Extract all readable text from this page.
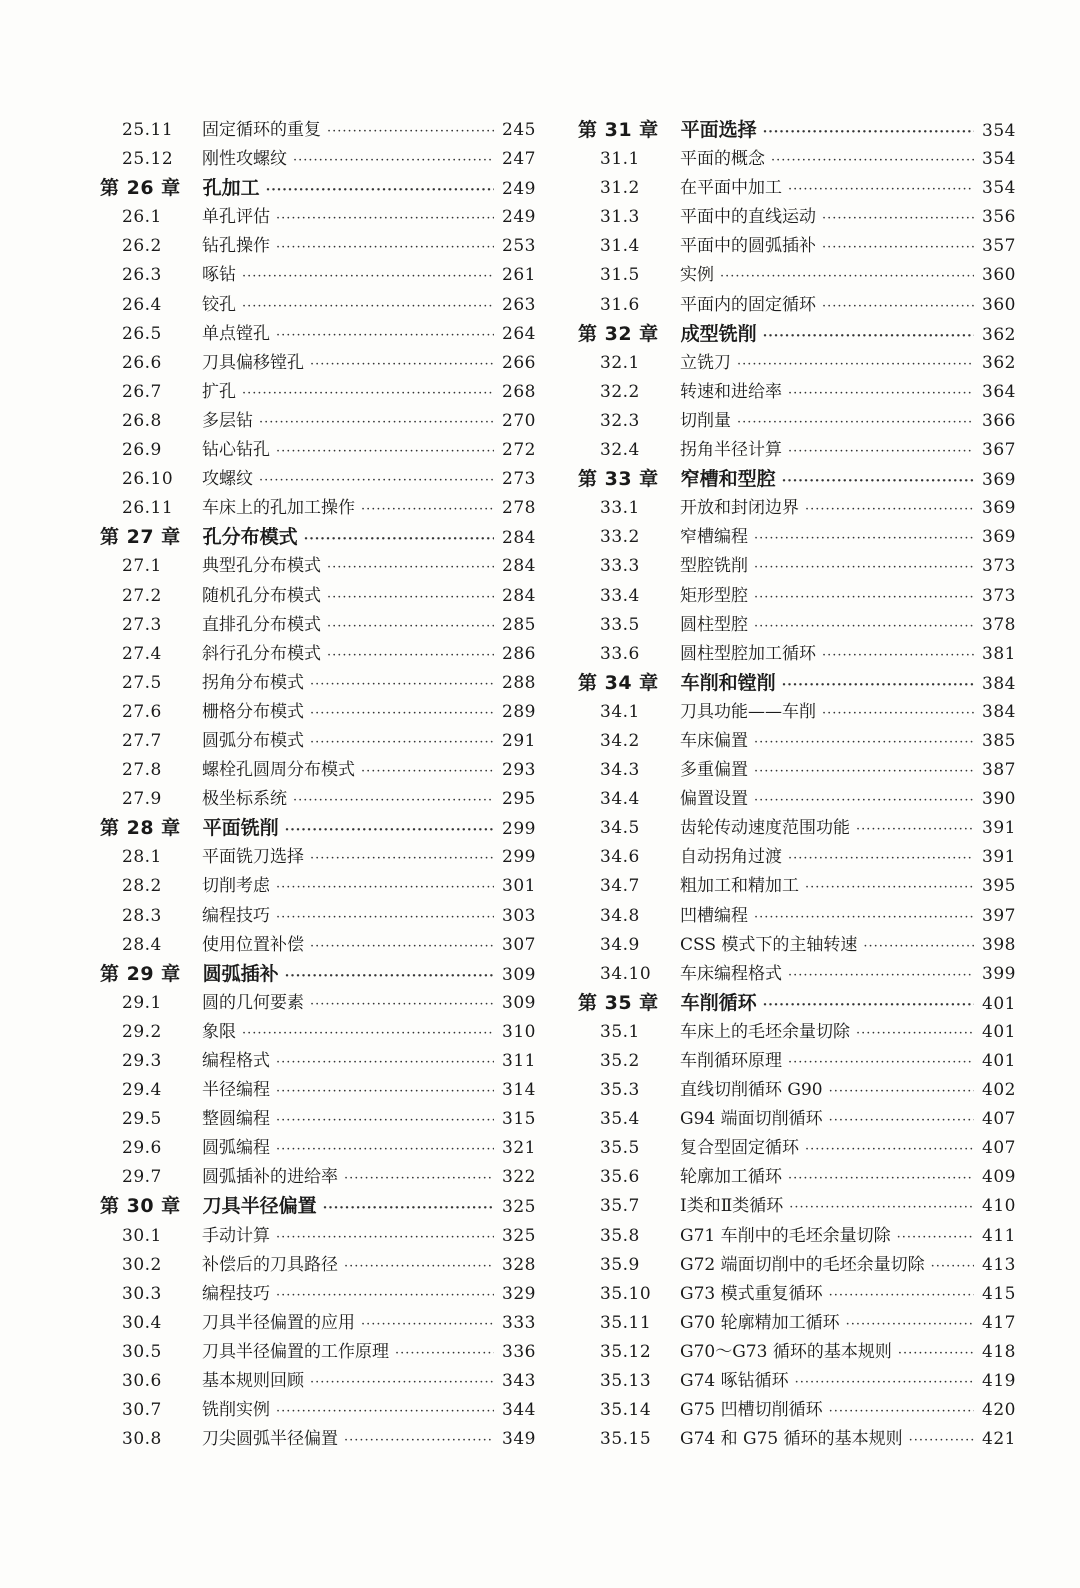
25.11	固定循环的重复 ·····	245
25.12	刚性攻螺纹 ·····	247
第 26 章	孔加工 ·····	249
26.1	单孔评估 ·····	249
26.2	钻孔操作 ·····	253
26.3	啄钻 ·····	261
26.4	铰孔 ·····	263
26.5	单点镗孔 ·····	264
26.6	刀具偏移镗孔 ·····	266
26.7	扩孔 ·····	268
26.8	多层钻 ·····	270
26.9	钻心钻孔 ·····	272
26.10	攻螺纹 ·····	273
26.11	车床上的孔加工操作 ·····	278
第 27 章	孔分布模式 ·····	284
27.1	典型孔分布模式 ·····	284
27.2	随机孔分布模式 ·····	284
27.3	直排孔分布模式 ·····	285
27.4	斜行孔分布模式 ·····	286
27.5	拐角分布模式 ·····	288
27.6	栅格分布模式 ·····	289
27.7	圆弧分布模式 ·····	291
27.8	螺栓孔圆周分布模式 ·····	293
27.9	极坐标系统 ·····	295
第 28 章	平面铣削 ·····	299
28.1	平面铣刀选择 ·····	299
28.2	切削考虑 ·····	301
28.3	编程技巧 ·····	303
28.4	使用位置补偿 ·····	307
第 29 章	圆弧插补 ·····	309
29.1	圆的几何要素 ·····	309
29.2	象限 ·····	310
29.3	编程格式 ·····	311
29.4	半径编程 ·····	314
29.5	整圆编程 ·····	315
29.6	圆弧编程 ·····	321
29.7	圆弧插补的进给率 ·····	322
第 30 章	刀具半径偏置 ·····	325
30.1	手动计算 ·····	325
30.2	补偿后的刀具路径 ·····	328
30.3	编程技巧 ·····	329
30.4	刀具半径偏置的应用 ·····	333
30.5	刀具半径偏置的工作原理 ·····	336
30.6	基本规则回顾 ·····	343
30.7	铣削实例 ·····	344
30.8	刀尖圆弧半径偏置 ·····	349
第 31 章	平面选择 ·····	354
31.1	平面的概念 ·····	354
31.2	在平面中加工 ·····	354
31.3	平面中的直线运动 ·····	356
31.4	平面中的圆弧插补 ·····	357
31.5	实例 ·····	360
31.6	平面内的固定循环 ·····	360
第 32 章	成型铣削 ·····	362
32.1	立铣刀 ·····	362
32.2	转速和进给率 ·····	364
32.3	切削量 ·····	366
32.4	拐角半径计算 ·····	367
第 33 章	窄槽和型腔 ·····	369
33.1	开放和封闭边界 ·····	369
33.2	窄槽编程 ·····	369
33.3	型腔铣削 ·····	373
33.4	矩形型腔 ·····	373
33.5	圆柱型腔 ·····	378
33.6	圆柱型腔加工循环 ·····	381
第 34 章	车削和镗削 ·····	384
34.1	刀具功能——车削 ·····	384
34.2	车床偏置 ·····	385
34.3	多重偏置 ·····	387
34.4	偏置设置 ·····	390
34.5	齿轮传动速度范围功能 ·····	391
34.6	自动拐角过渡 ·····	391
34.7	粗加工和精加工 ·····	395
34.8	凹槽编程 ·····	397
34.9	CSS 模式下的主轴转速 ·····	398
34.10	车床编程格式 ·····	399
第 35 章	车削循环 ·····	401
35.1	车床上的毛坯余量切除 ·····	401
35.2	车削循环原理 ·····	401
35.3	直线切削循环 G90 ·····	402
35.4	G94 端面切削循环 ·····	407
35.5	复合型固定循环 ·····	407
35.6	轮廓加工循环 ·····	409
35.7	Ⅰ类和Ⅱ类循环 ·····	410
35.8	G71 车削中的毛坯余量切除 ·····	411
35.9	G72 端面切削中的毛坯余量切除 ·····	413
35.10	G73 模式重复循环 ·····	415
35.11	G70 轮廓精加工循环 ·····	417
35.12	G70～G73 循环的基本规则 ·····	418
35.13	G74 啄钻循环 ·····	419
35.14	G75 凹槽切削循环 ·····	420
35.15	G74 和 G75 循环的基本规则 ·····	421
